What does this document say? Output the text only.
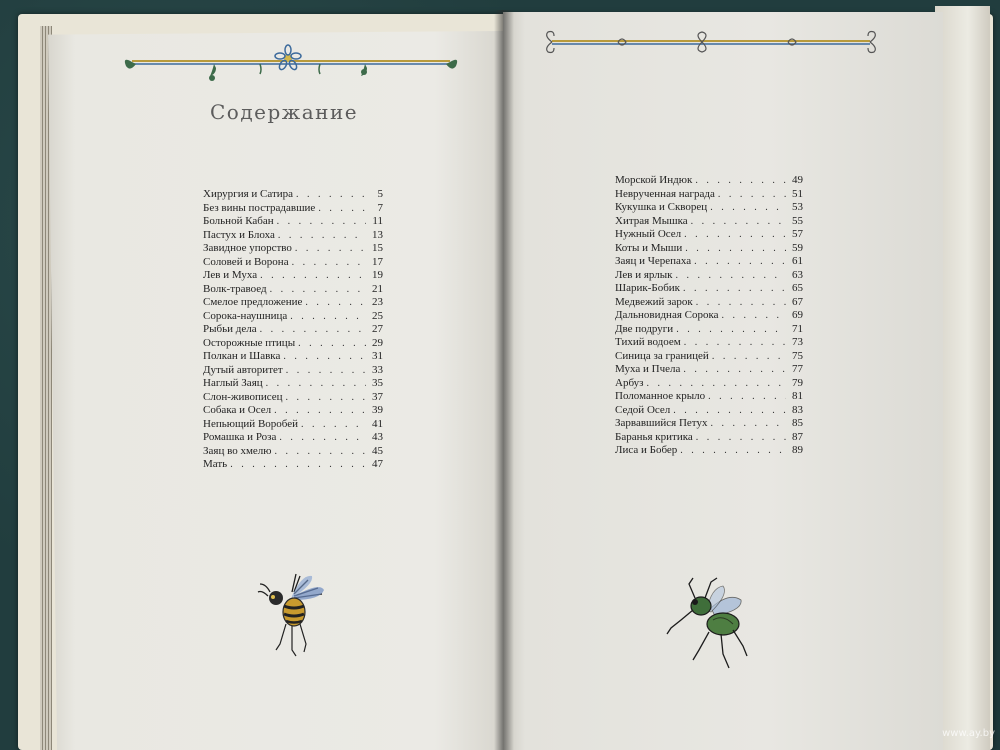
Содержание
Хирургия и Сатира . . .	5
Без вины пострадавшие . . .	7
Больной Кабан . . .	11
Пастух и Блоха . . .	13
Завидное упорство . . .	15
Соловей и Ворона . . .	17
Лев и Муха . . .	19
Волк-травоед . . .	21
Смелое предложение . . .	23
Сорока-наушница . . .	25
Рыбьи дела . . .	27
Осторожные птицы . . .	29
Полкан и Шавка . . .	31
Дутый авторитет . . .	33
Наглый Заяц . . .	35
Слон-живописец . . .	37
Собака и Осел . . .	39
Непьющий Воробей . . .	41
Ромашка и Роза . . .	43
Заяц во хмелю . . .	45
Мать . . .	47
Морской Индюк . . .	49
Неврученная награда . . .	51
Кукушка и Скворец . . .	53
Хитрая Мышка . . .	55
Нужный Осел . . .	57
Коты и Мыши . . .	59
Заяц и Черепаха . . .	61
Лев и ярлык . . .	63
Шарик-Бобик . . .	65
Медвежий зарок . . .	67
Дальновидная Сорока . . .	69
Две подруги . . .	71
Тихий водоем . . .	73
Синица за границей . . .	75
Муха и Пчела . . .	77
Арбуз . . .	79
Поломанное крыло . . .	81
Седой Осел . . .	83
Зарвавшийся Петух . . .	85
Баранья критика . . .	87
Лиса и Бобер . . .	89
www.ay.by
